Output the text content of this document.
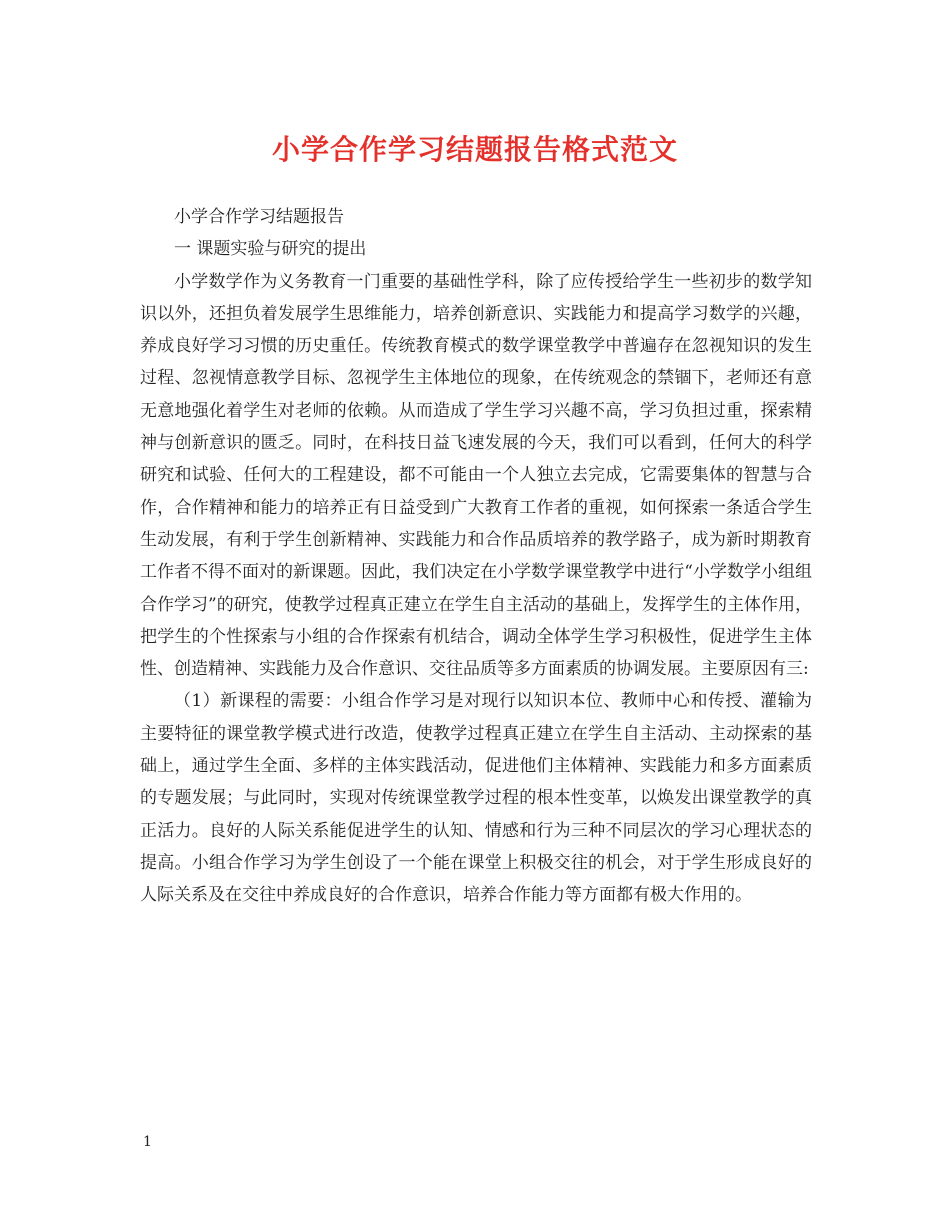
小学合作学习结题报告格式范文

小学合作学习结题报告

一 课题实验与研究的提出

小学数学作为义务教育一门重要的基础性学科，除了应传授给学生一些初步的数学知识以外，还担负着发展学生思维能力，培养创新意识、实践能力和提高学习数学的兴趣，养成良好学习习惯的历史重任。传统教育模式的数学课堂教学中普遍存在忽视知识的发生过程、忽视情意教学目标、忽视学生主体地位的现象，在传统观念的禁锢下，老师还有意无意地强化着学生对老师的依赖。从而造成了学生学习兴趣不高，学习负担过重，探索精神与创新意识的匮乏。同时，在科技日益飞速发展的今天，我们可以看到，任何大的科学研究和试验、任何大的工程建设，都不可能由一个人独立去完成，它需要集体的智慧与合作，合作精神和能力的培养正有日益受到广大教育工作者的重视，如何探索一条适合学生生动发展，有利于学生创新精神、实践能力和合作品质培养的教学路子，成为新时期教育工作者不得不面对的新课题。因此，我们决定在小学数学课堂教学中进行“小学数学小组组合作学习”的研究，使教学过程真正建立在学生自主活动的基础上，发挥学生的主体作用，把学生的个性探索与小组的合作探索有机结合，调动全体学生学习积极性，促进学生主体性、创造精神、实践能力及合作意识、交往品质等多方面素质的协调发展。主要原因有三:

（1）新课程的需要：小组合作学习是对现行以知识本位、教师中心和传授、灌输为主要特征的课堂教学模式进行改造，使教学过程真正建立在学生自主活动、主动探索的基础上，通过学生全面、多样的主体实践活动，促进他们主体精神、实践能力和多方面素质的专题发展；与此同时，实现对传统课堂教学过程的根本性变革，以焕发出课堂教学的真正活力。良好的人际关系能促进学生的认知、情感和行为三种不同层次的学习心理状态的提高。小组合作学习为学生创设了一个能在课堂上积极交往的机会，对于学生形成良好的人际关系及在交往中养成良好的合作意识，培养合作能力等方面都有极大作用的。

1
